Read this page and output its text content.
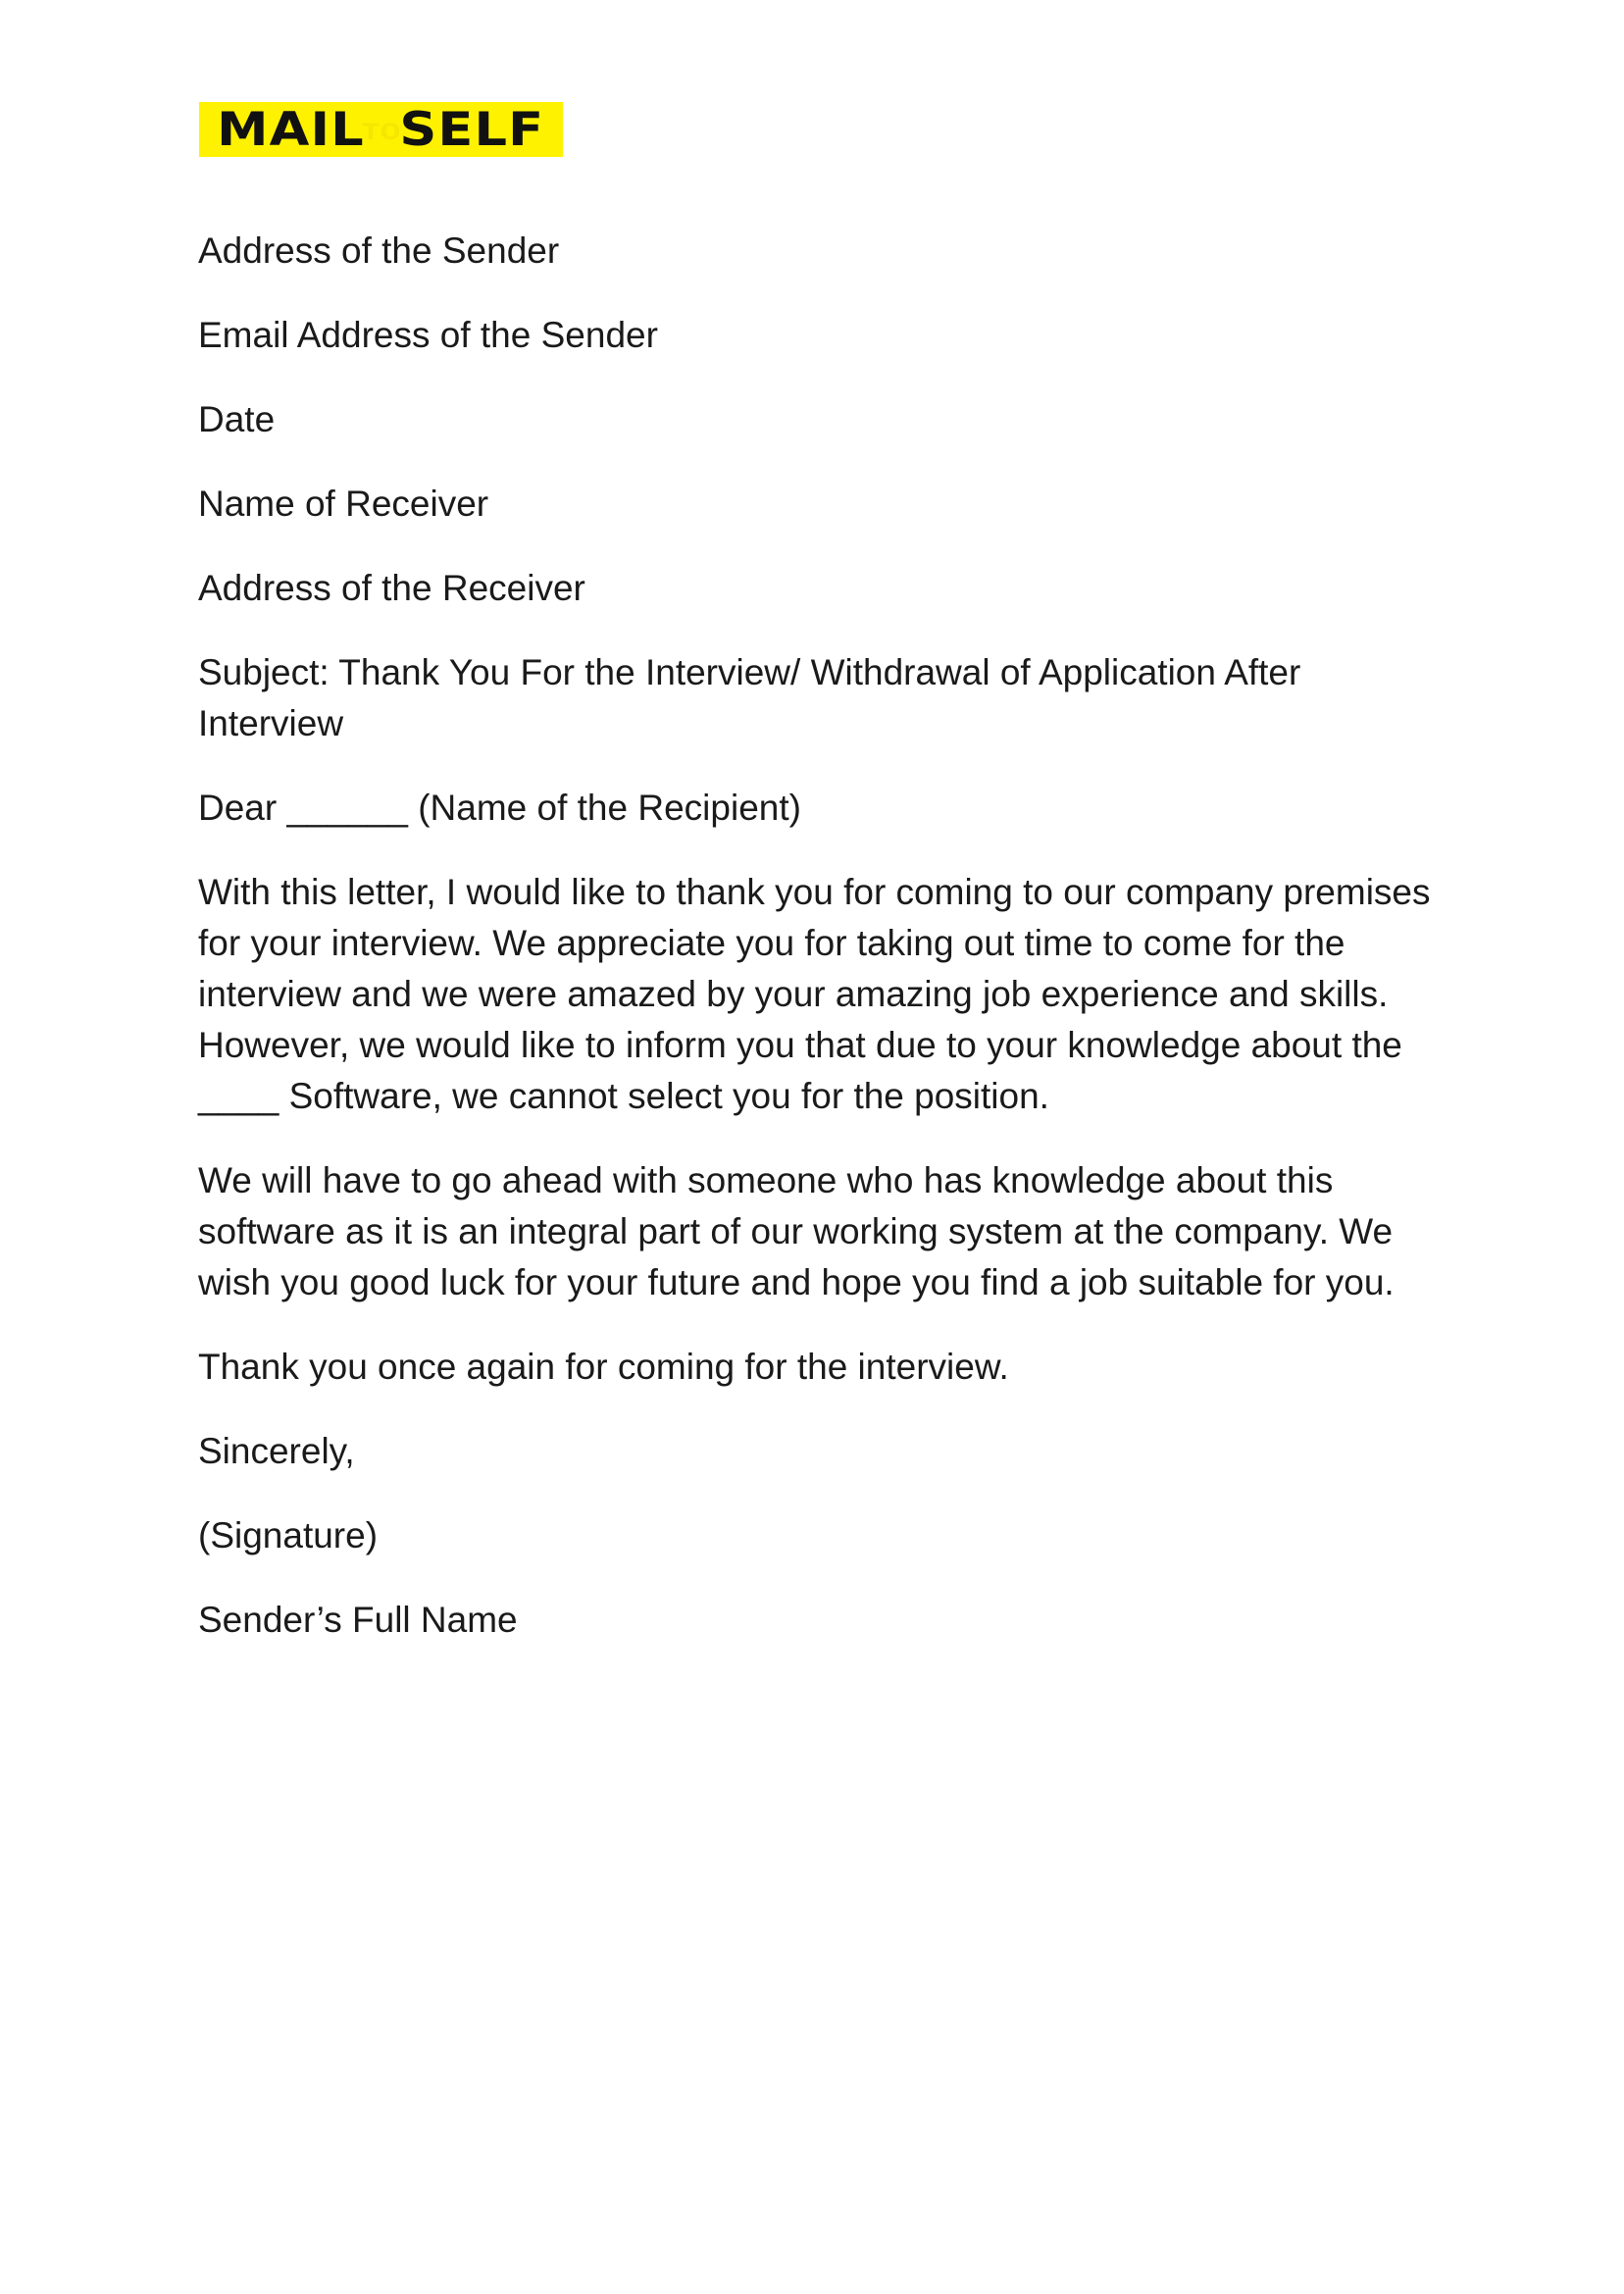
MAILTOSELF

Address of the Sender

Email Address of the Sender

Date

Name of Receiver

Address of the Receiver

Subject: Thank You For the Interview/ Withdrawal of Application After Interview

Dear ______ (Name of the Recipient)

With this letter, I would like to thank you for coming to our company premises for your interview. We appreciate you for taking out time to come for the interview and we were amazed by your amazing job experience and skills. However, we would like to inform you that due to your knowledge about the ____ Software, we cannot select you for the position.

We will have to go ahead with someone who has knowledge about this software as it is an integral part of our working system at the company. We wish you good luck for your future and hope you find a job suitable for you.

Thank you once again for coming for the interview.

Sincerely,

(Signature)

Sender’s Full Name
